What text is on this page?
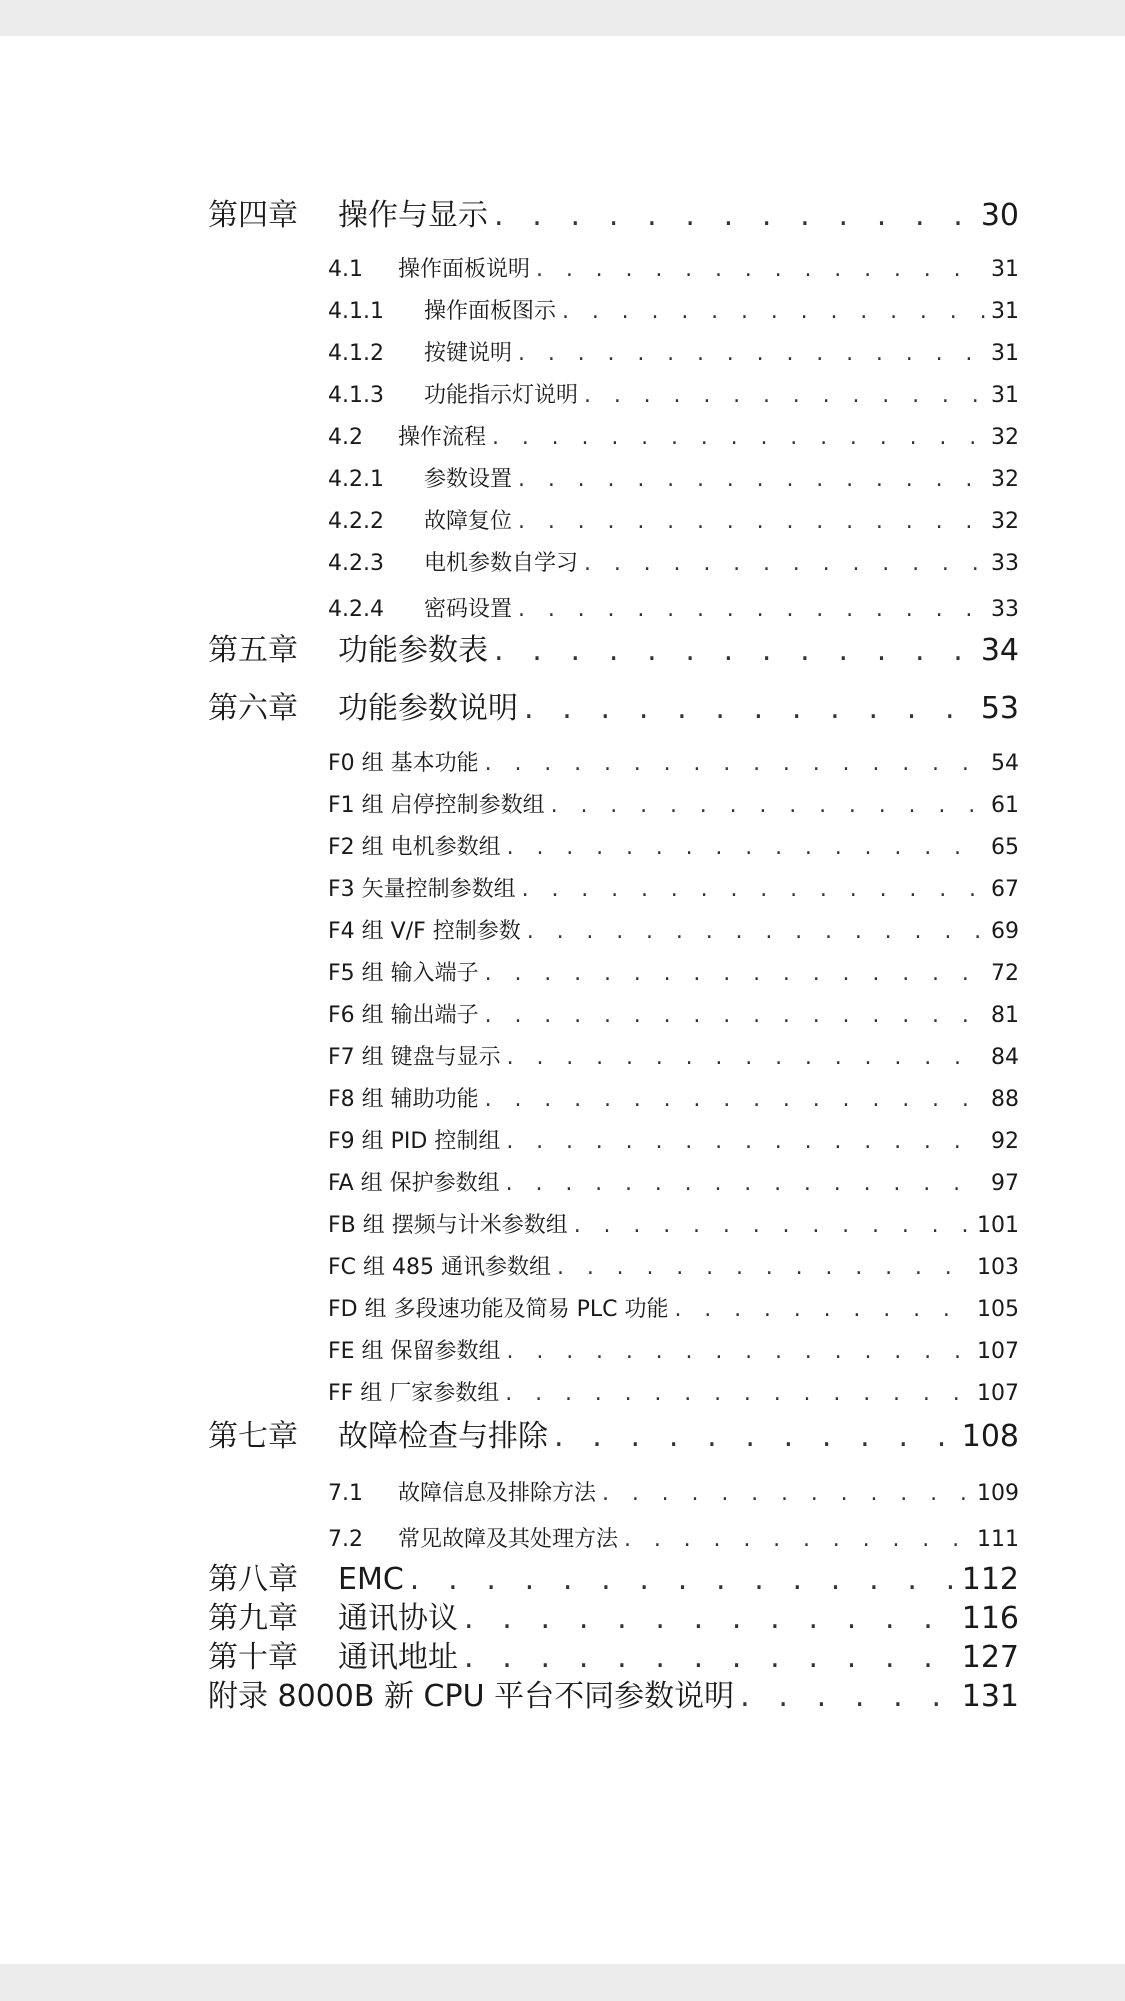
第四章 操作与显示 . . .	30
4.1 操作面板说明 . . .	31
4.1.1 操作面板图示 . . .	31
4.1.2 按键说明 . . .	31
4.1.3 功能指示灯说明 . . .	31
4.2 操作流程 . . .	32
4.2.1 参数设置 . . .	32
4.2.2 故障复位 . . .	32
4.2.3 电机参数自学习 . . .	33
4.2.4 密码设置 . . .	33
第五章 功能参数表 . . .	34
第六章 功能参数说明 . . .	53
F0 组 基本功能 . . .	54
F1 组 启停控制参数组 . . .	61
F2 组 电机参数组 . . .	65
F3 矢量控制参数组 . . .	67
F4 组 V/F 控制参数 . . .	69
F5 组 输入端子 . . .	72
F6 组 输出端子 . . .	81
F7 组 键盘与显示 . . .	84
F8 组 辅助功能 . . .	88
F9 组 PID 控制组 . . .	92
FA 组 保护参数组 . . .	97
FB 组 摆频与计米参数组 . . .	101
FC 组 485 通讯参数组 . . .	103
FD 组 多段速功能及简易 PLC 功能 . . .	105
FE 组 保留参数组 . . .	107
FF 组 厂家参数组 . . .	107
第七章 故障检查与排除 . . .	108
7.1 故障信息及排除方法 . . .	109
7.2 常见故障及其处理方法 . . .	111
第八章 EMC . . .	112
第九章 通讯协议 . . .	116
第十章 通讯地址 . . .	127
附录 8000B 新 CPU 平台不同参数说明 . . .	131
